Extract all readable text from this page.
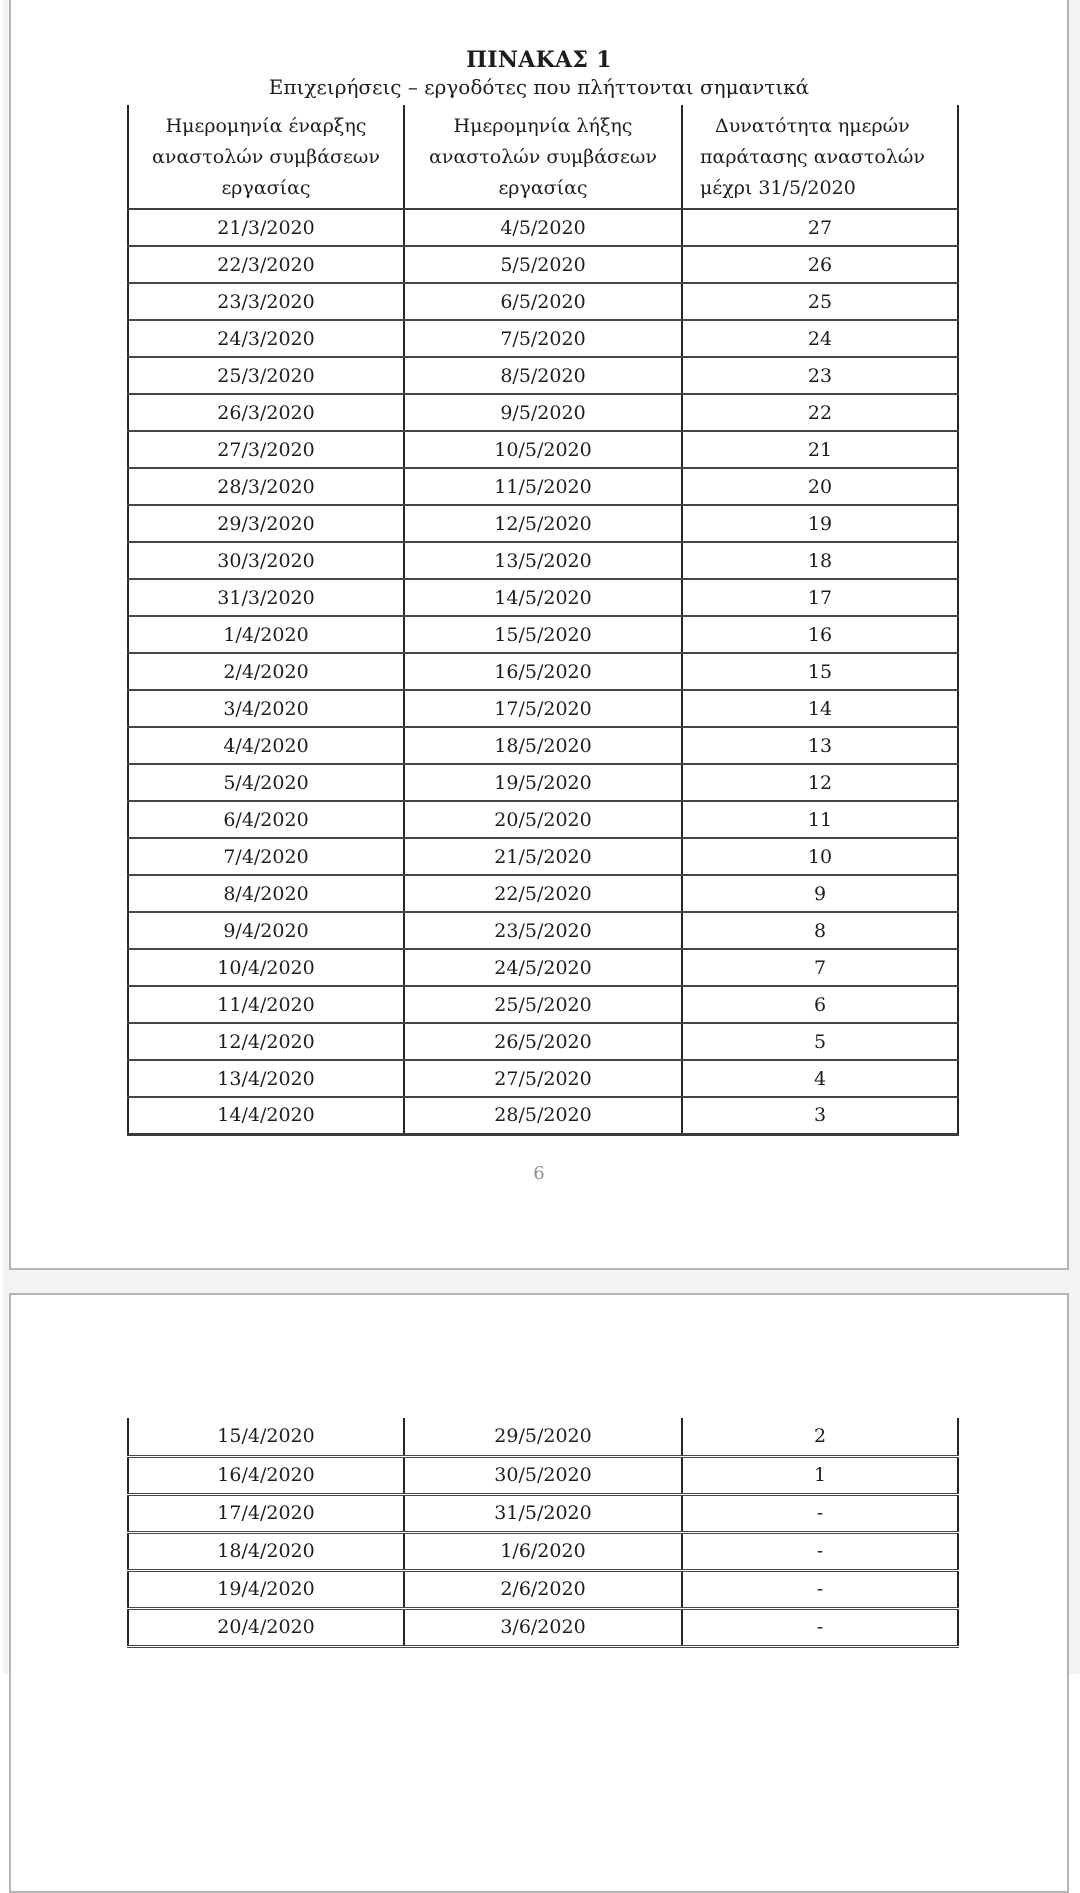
ΠΙΝΑΚΑΣ 1
Επιχειρήσεις – εργοδότες που πλήττονται σημαντικά
Ημερομηνία έναρξης
αναστολών συμβάσεων
εργασίας	Ημερομηνία λήξης
αναστολών συμβάσεων
εργασίας	Δυνατότητα ημερών
παράτασης αναστολών
μέχρι 31/5/2020
21/3/2020	4/5/2020	27
22/3/2020	5/5/2020	26
23/3/2020	6/5/2020	25
24/3/2020	7/5/2020	24
25/3/2020	8/5/2020	23
26/3/2020	9/5/2020	22
27/3/2020	10/5/2020	21
28/3/2020	11/5/2020	20
29/3/2020	12/5/2020	19
30/3/2020	13/5/2020	18
31/3/2020	14/5/2020	17
1/4/2020	15/5/2020	16
2/4/2020	16/5/2020	15
3/4/2020	17/5/2020	14
4/4/2020	18/5/2020	13
5/4/2020	19/5/2020	12
6/4/2020	20/5/2020	11
7/4/2020	21/5/2020	10
8/4/2020	22/5/2020	9
9/4/2020	23/5/2020	8
10/4/2020	24/5/2020	7
11/4/2020	25/5/2020	6
12/4/2020	26/5/2020	5
13/4/2020	27/5/2020	4
14/4/2020	28/5/2020	3
6
15/4/2020	29/5/2020	2
16/4/2020	30/5/2020	1
17/4/2020	31/5/2020	-
18/4/2020	1/6/2020	-
19/4/2020	2/6/2020	-
20/4/2020	3/6/2020	-
